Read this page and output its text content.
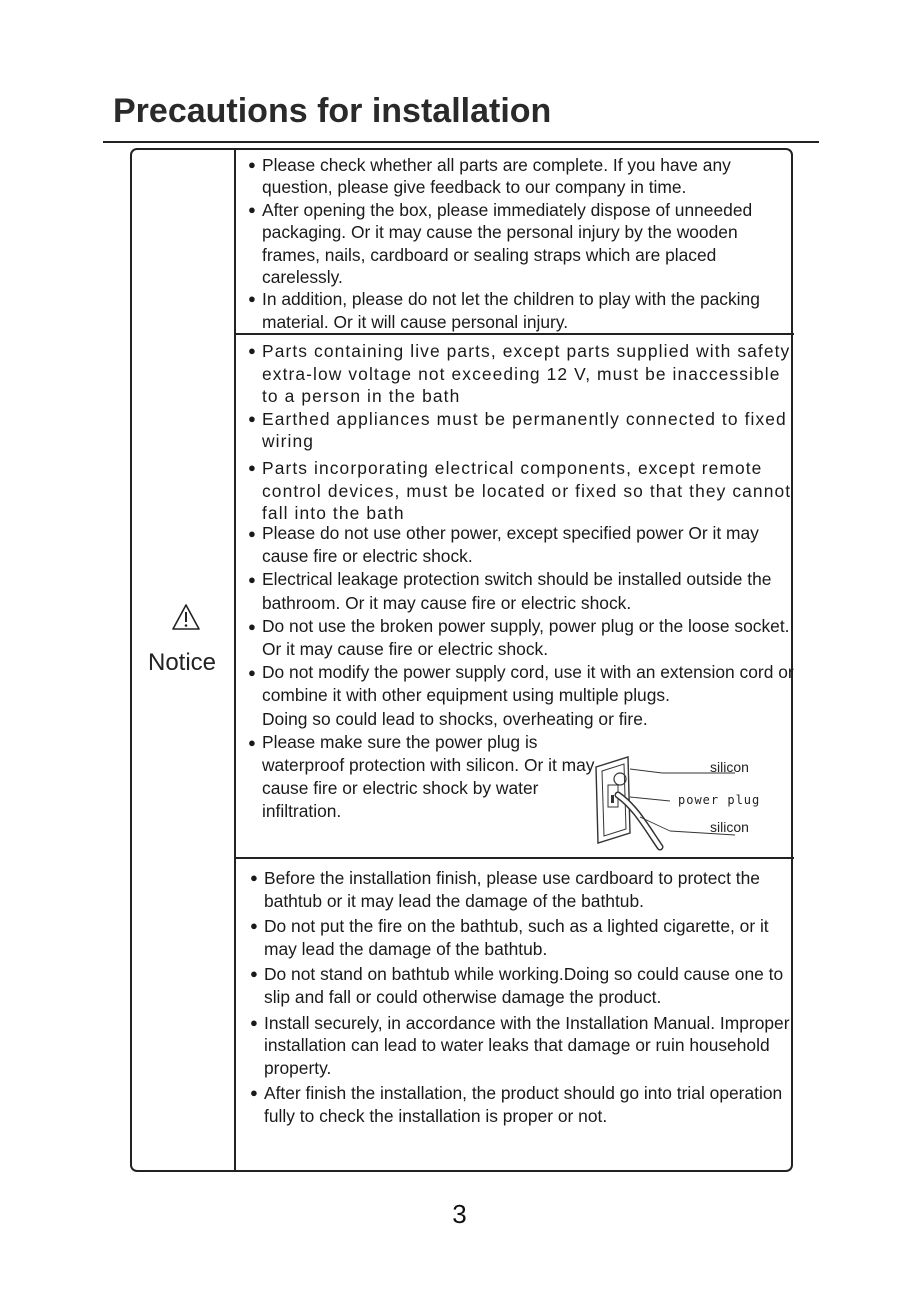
Precautions for installation
Notice
● Please check whether all parts are complete. If you have any question, please give feedback to our company in time.
● After opening the box, please immediately dispose of unneeded packaging. Or it may cause the personal injury by the wooden frames, nails, cardboard or sealing straps which are placed carelessly.
● In addition, please do not let the children to play with the packing material. Or it will cause personal injury.
● Parts containing live parts, except parts supplied with safety extra-low voltage not exceeding 12 V, must be inaccessible to a person in the bath
● Earthed appliances must be permanently connected to fixed wiring
● Parts incorporating electrical components, except remote control devices, must be located or fixed so that they cannot fall into the bath
● Please do not use other power, except specified power Or it may cause fire or electric shock.
● Electrical leakage protection switch should be installed outside the bathroom. Or it may cause fire or electric shock.
● Do not use the broken power supply, power plug or the loose socket. Or it may cause fire or electric shock.
● Do not modify the power supply cord, use it with an extension cord or combine it with other equipment using multiple plugs.
Doing so could lead to shocks, overheating or fire.
● Please make sure the power plug is waterproof protection with silicon. Or it may cause fire or electric shock by water infiltration.
silicon
power plug
silicon
● Before the installation finish, please use cardboard to protect the bathtub or it may lead the damage of the bathtub.
● Do not put the fire on the bathtub, such as a lighted cigarette, or it may lead the damage of the bathtub.
● Do not stand on bathtub while working.Doing so could cause one to slip and fall or could otherwise damage the product.
● Install securely, in accordance with the Installation Manual. Improper installation can lead to water leaks that damage or ruin household property.
● After finish the installation, the product should go into trial operation fully to check the installation is proper or not.
3
